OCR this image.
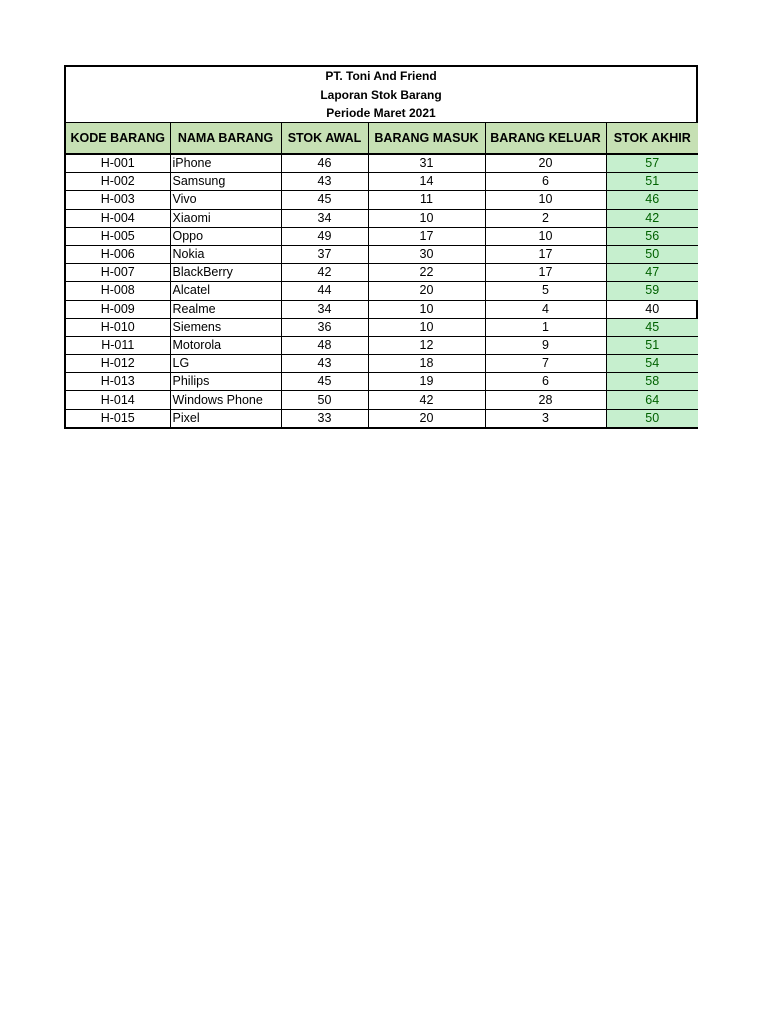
PT. Toni And Friend
Laporan Stok Barang
Periode Maret 2021
KODE BARANG	NAMA BARANG	STOK AWAL	BARANG MASUK	BARANG KELUAR	STOK AKHIR
H-001	iPhone	46	31	20	57
H-002	Samsung	43	14	6	51
H-003	Vivo	45	11	10	46
H-004	Xiaomi	34	10	2	42
H-005	Oppo	49	17	10	56
H-006	Nokia	37	30	17	50
H-007	BlackBerry	42	22	17	47
H-008	Alcatel	44	20	5	59
H-009	Realme	34	10	4	40
H-010	Siemens	36	10	1	45
H-011	Motorola	48	12	9	51
H-012	LG	43	18	7	54
H-013	Philips	45	19	6	58
H-014	Windows Phone	50	42	28	64
H-015	Pixel	33	20	3	50
